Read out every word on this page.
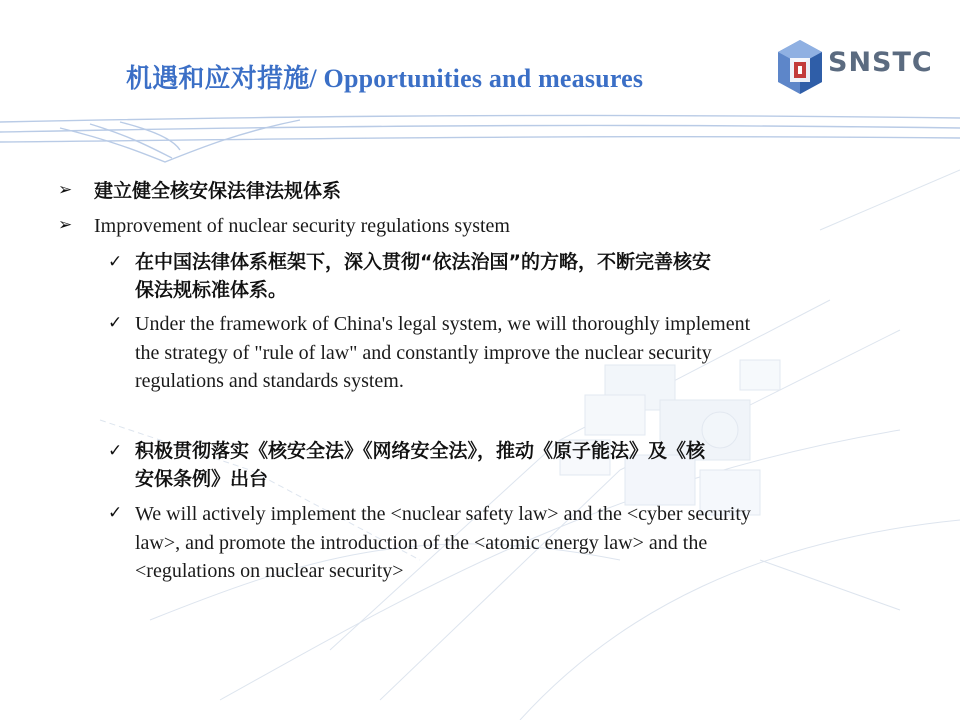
机遇和应对措施/ Opportunities and measures
SNSTC
➢ 建立健全核安保法律法规体系
➢ Improvement of nuclear security regulations system
✓ 在中国法律体系框架下，深入贯彻“依法治国”的方略，不断完善核安
保法规标准体系。
✓ Under the framework of China's legal system, we will thoroughly implement
the strategy of "rule of law" and constantly improve the nuclear security
regulations and standards system.
✓ 积极贯彻落实《核安全法》《网络安全法》，推动《原子能法》及《核
安保条例》出台
✓ We will actively implement the <nuclear safety law> and the <cyber security
law>, and promote the introduction of the <atomic energy law> and the
<regulations on nuclear security>
